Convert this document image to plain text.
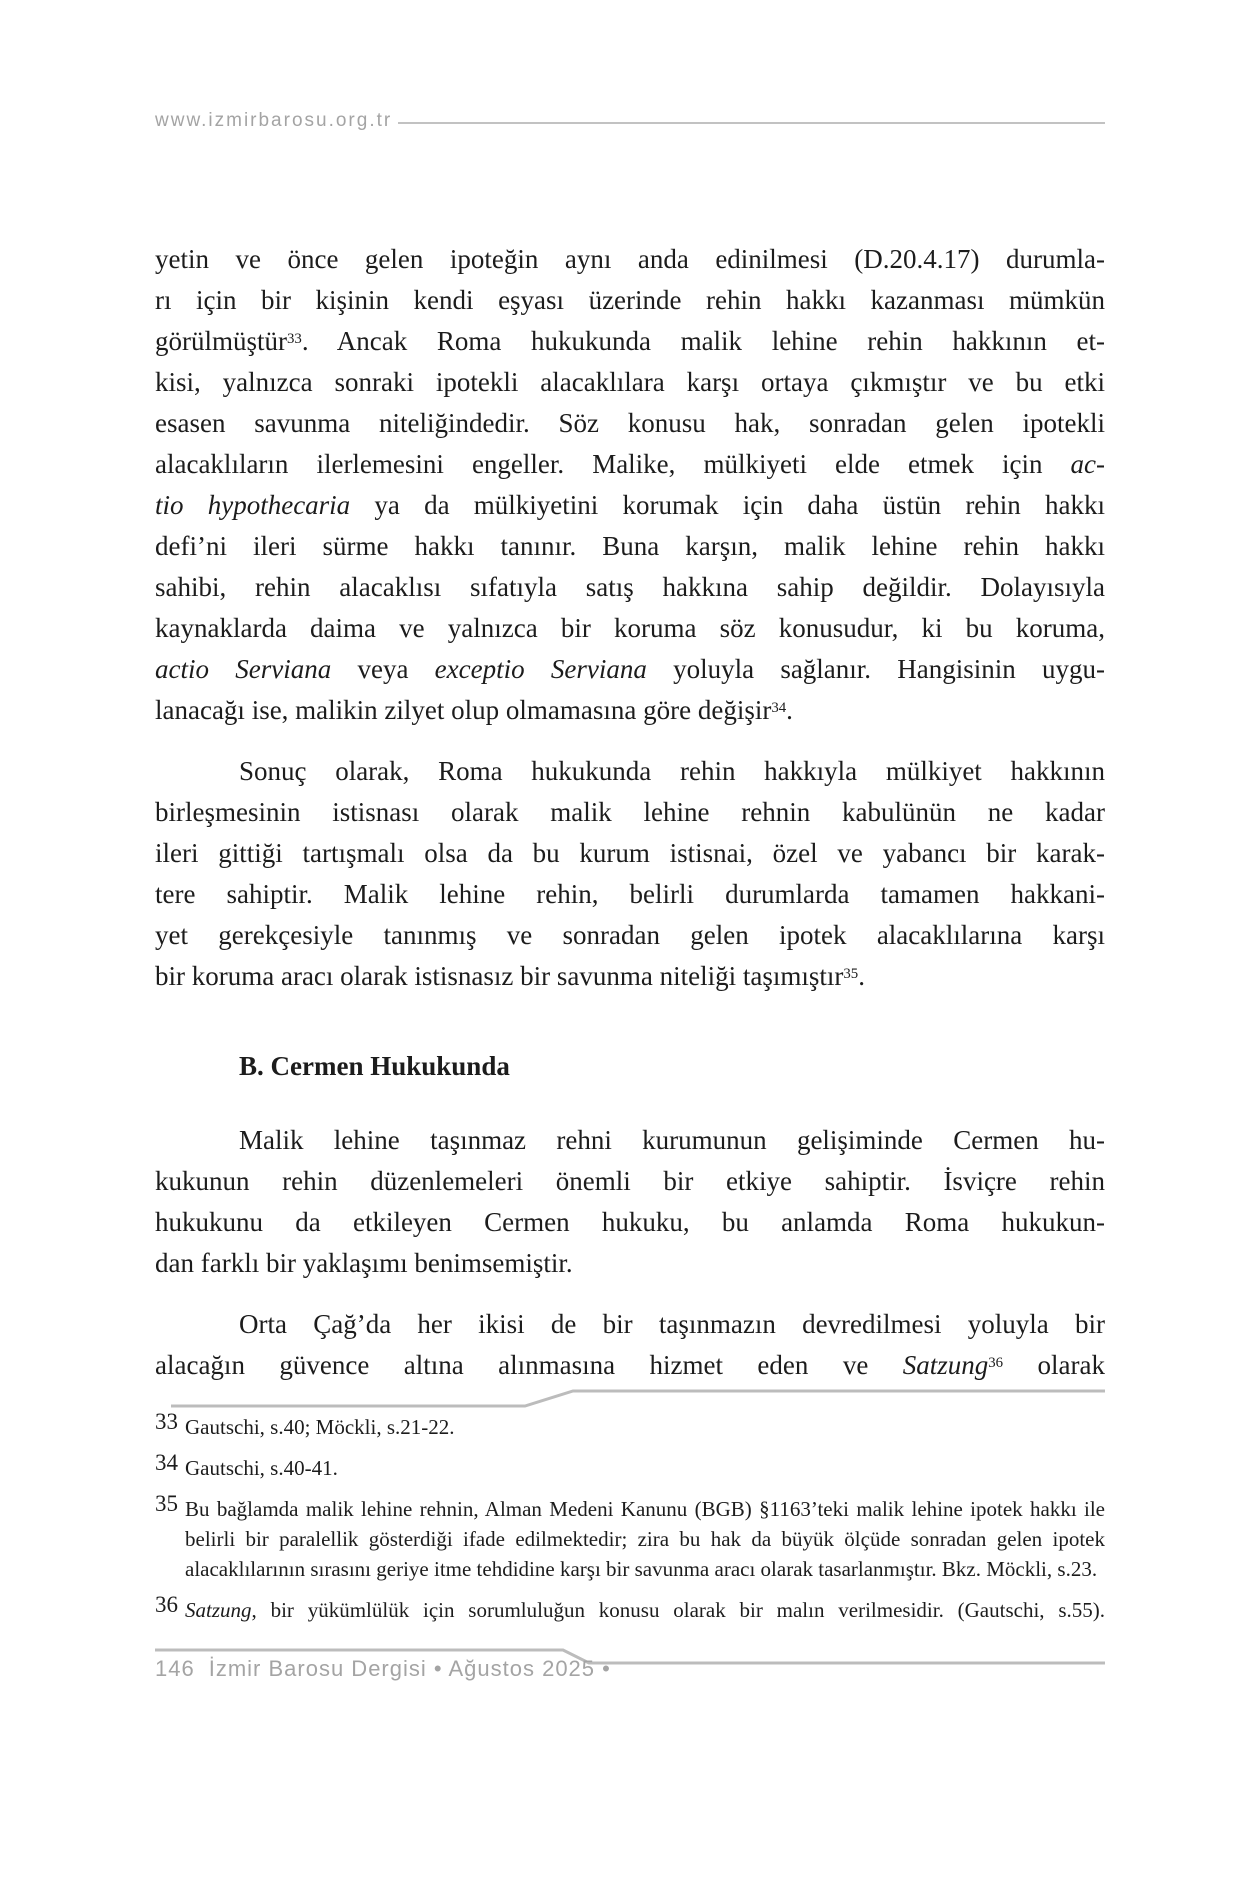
www.izmirbarosu.org.tr
yetin ve önce gelen ipoteğin aynı anda edinilmesi (D.20.4.17) durumla-
rı için bir kişinin kendi eşyası üzerinde rehin hakkı kazanması mümkün
görülmüştür$^{33}$. Ancak Roma hukukunda malik lehine rehin hakkının et-
kisi, yalnızca sonraki ipotekli alacaklılara karşı ortaya çıkmıştır ve bu etki
esasen savunma niteliğindedir. Söz konusu hak, sonradan gelen ipotekli
alacaklıların ilerlemesini engeller. Malike, mülkiyeti elde etmek için ac-
tio hypothecaria ya da mülkiyetini korumak için daha üstün rehin hakkı
defi’ni ileri sürme hakkı tanınır. Buna karşın, malik lehine rehin hakkı
sahibi, rehin alacaklısı sıfatıyla satış hakkına sahip değildir. Dolayısıyla
kaynaklarda daima ve yalnızca bir koruma söz konusudur, ki bu koruma,
actio Serviana veya exceptio Serviana yoluyla sağlanır. Hangisinin uygu-
lanacağı ise, malikin zilyet olup olmamasına göre değişir$^{34}$.
Sonuç olarak, Roma hukukunda rehin hakkıyla mülkiyet hakkının
birleşmesinin istisnası olarak malik lehine rehnin kabulünün ne kadar
ileri gittiği tartışmalı olsa da bu kurum istisnai, özel ve yabancı bir karak-
tere sahiptir. Malik lehine rehin, belirli durumlarda tamamen hakkani-
yet gerekçesiyle tanınmış ve sonradan gelen ipotek alacaklılarına karşı
bir koruma aracı olarak istisnasız bir savunma niteliği taşımıştır$^{35}$.
B. Cermen Hukukunda
Malik lehine taşınmaz rehni kurumunun gelişiminde Cermen hu-
kukunun rehin düzenlemeleri önemli bir etkiye sahiptir. İsviçre rehin
hukukunu da etkileyen Cermen hukuku, bu anlamda Roma hukukun-
dan farklı bir yaklaşımı benimsemiştir.
Orta Çağ’da her ikisi de bir taşınmazın devredilmesi yoluyla bir
alacağın güvence altına alınmasına hizmet eden ve Satzung$^{36}$ olarak
33 Gautschi, s.40; Möckli, s.21-22.
34 Gautschi, s.40-41.
35 Bu bağlamda malik lehine rehnin, Alman Medeni Kanunu (BGB) §1163’teki malik lehine ipotek hakkı ile belirli bir paralellik gösterdiği ifade edilmektedir; zira bu hak da büyük ölçüde sonradan gelen ipotek alacaklılarının sırasını geriye itme tehdidine karşı bir savunma aracı olarak tasarlanmıştır. Bkz. Möckli, s.23.
36 Satzung, bir yükümlülük için sorumluluğun konusu olarak bir malın verilmesidir. (Gautschi, s.55).
146 İzmir Barosu Dergisi • Ağustos 2025 •
